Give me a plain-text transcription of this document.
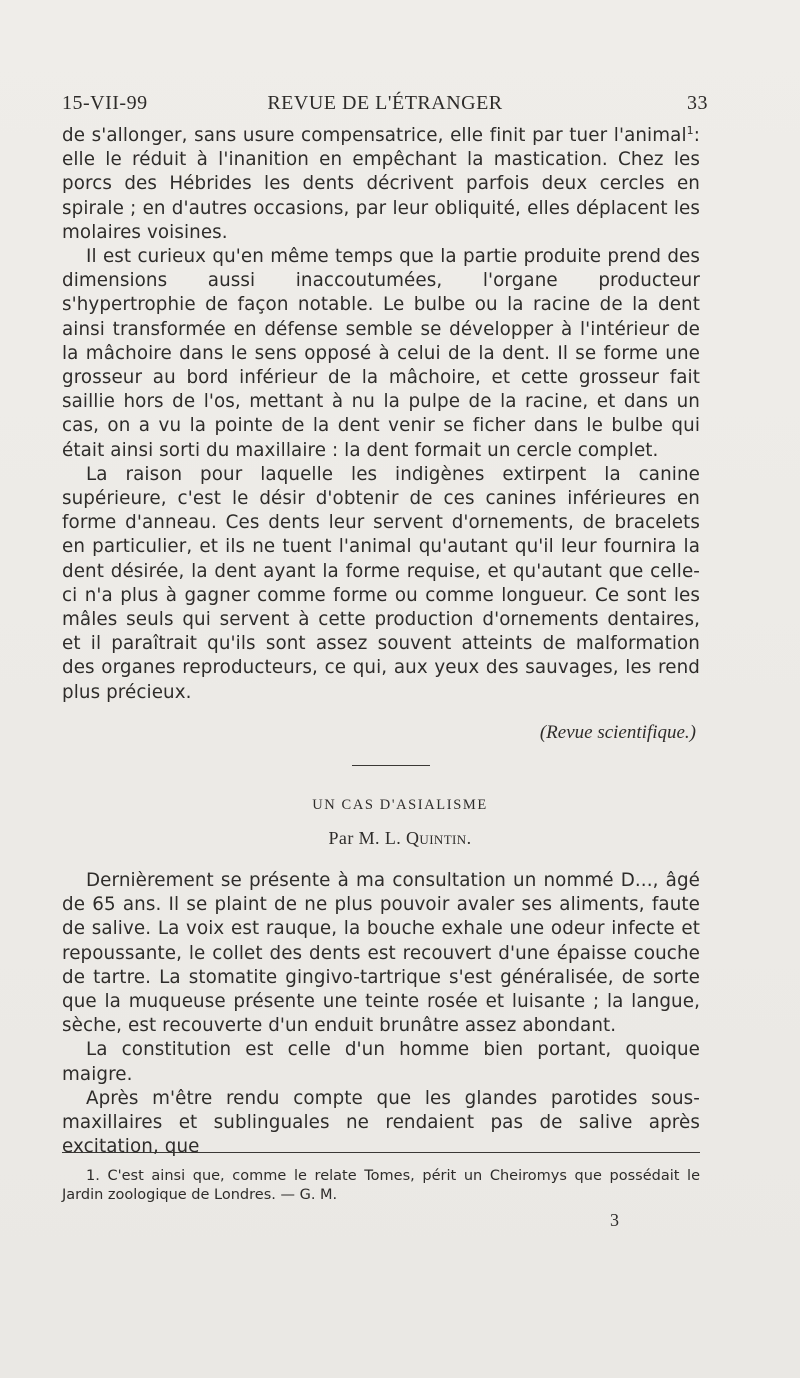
15-VII-99	REVUE DE L'ÉTRANGER	33

de s'allonger, sans usure compensatrice, elle finit par tuer l'animal$^1$: elle le réduit à l'inanition en empêchant la mastication. Chez les porcs des Hébrides les dents décrivent parfois deux cercles en spirale ; en d'autres occasions, par leur obliquité, elles déplacent les molaires voisines.

Il est curieux qu'en même temps que la partie produite prend des dimensions aussi inaccoutumées, l'organe producteur s'hypertrophie de façon notable. Le bulbe ou la racine de la dent ainsi transformée en défense semble se développer à l'intérieur de la mâchoire dans le sens opposé à celui de la dent. Il se forme une grosseur au bord inférieur de la mâchoire, et cette grosseur fait saillie hors de l'os, mettant à nu la pulpe de la racine, et dans un cas, on a vu la pointe de la dent venir se ficher dans le bulbe qui était ainsi sorti du maxillaire : la dent formait un cercle complet.

La raison pour laquelle les indigènes extirpent la canine supérieure, c'est le désir d'obtenir de ces canines inférieures en forme d'anneau. Ces dents leur servent d'ornements, de bracelets en particulier, et ils ne tuent l'animal qu'autant qu'il leur fournira la dent désirée, la dent ayant la forme requise, et qu'autant que celle-ci n'a plus à gagner comme forme ou comme longueur. Ce sont les mâles seuls qui servent à cette production d'ornements dentaires, et il paraîtrait qu'ils sont assez souvent atteints de malformation des organes reproducteurs, ce qui, aux yeux des sauvages, les rend plus précieux.

(Revue scientifique.)
UN CAS D'ASIALISME
Par M. L. Quintin.

Dernièrement se présente à ma consultation un nommé D..., âgé de 65 ans. Il se plaint de ne plus pouvoir avaler ses aliments, faute de salive. La voix est rauque, la bouche exhale une odeur infecte et repoussante, le collet des dents est recouvert d'une épaisse couche de tartre. La stomatite gingivo-tartrique s'est généralisée, de sorte que la muqueuse présente une teinte rosée et luisante ; la langue, sèche, est recouverte d'un enduit brunâtre assez abondant.

La constitution est celle d'un homme bien portant, quoique maigre.

Après m'être rendu compte que les glandes parotides sous-maxillaires et sublinguales ne rendaient pas de salive après excitation, que

1. C'est ainsi que, comme le relate Tomes, périt un Cheiromys que possédait le Jardin zoologique de Londres. — G. M.

3
